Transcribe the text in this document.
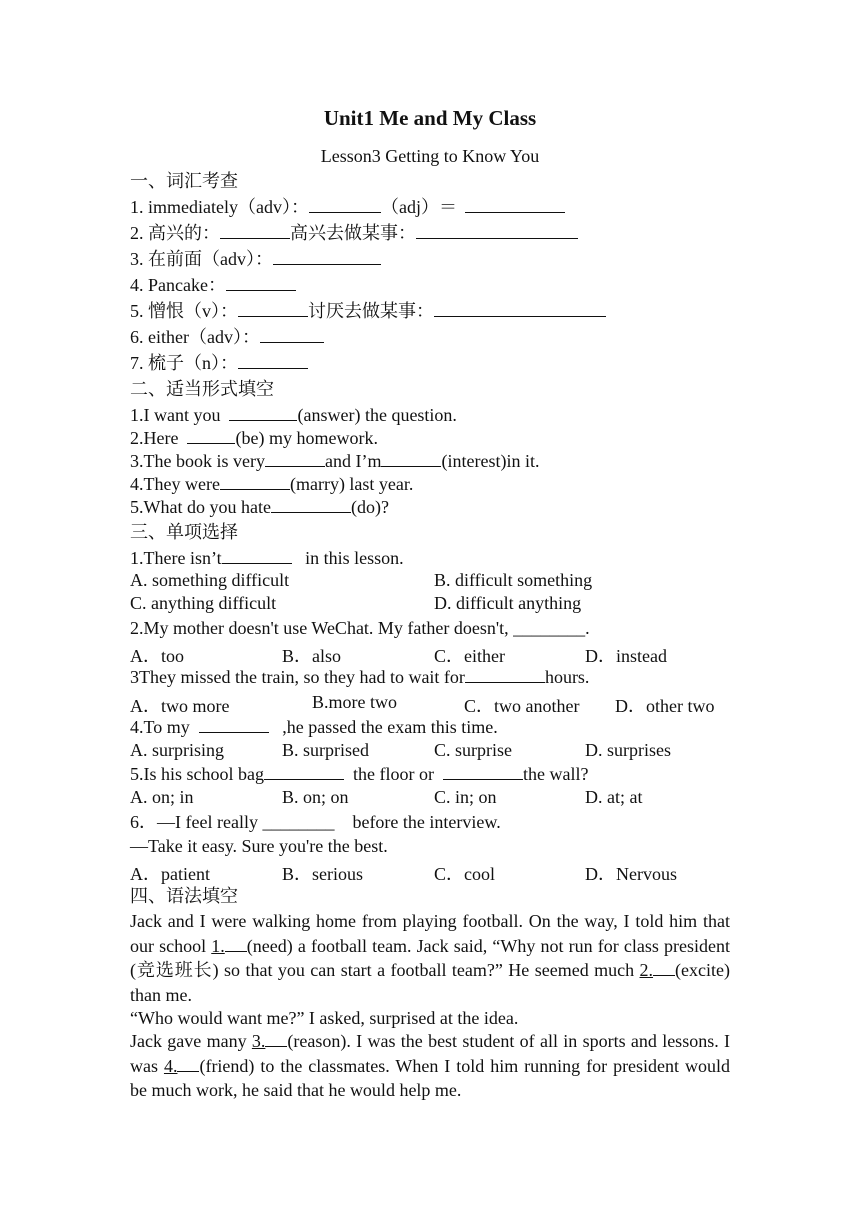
Unit1 Me and My Class
Lesson3 Getting to Know You
一、词汇考查
1. immediately（adv）：	（adj）＝
2. 高兴的：	高兴去做某事：
3. 在前面（adv）：
4. Pancake：
5. 憎恨（v）：	讨厌去做某事：
6. either（adv）：
7. 梳子（n）：
二、适当形式填空
1.I want you	(answer) the question.
2.Here	(be) my homework.
3.The book is very	and I’m	(interest)in it.
4.They were	(marry) last year.
5.What do you hate	(do)?
三、单项选择
1.There isn’t	in this lesson.
A. something difficult	B. difficult something
C. anything difficult	D. difficult anything
2.My mother doesn't use WeChat. My father doesn't, ________.
A．too	B．also	C．either	D．instead
3They missed the train, so they had to wait for	hours.
A．two more	B.more two	C．two another D．other two
4.To my	,he passed the exam this time.
A. surprising	B. surprised	C. surprise	D. surprises
5.Is his school bag	the floor or	the wall?
A. on; in	B. on; on	C. in; on	D. at; at
6．—I feel really ________ before the interview.
—Take it easy. Sure you're the best.
A．patient	B．serious	C．cool	D．Nervous
四、语法填空
Jack and I were walking home from playing football. On the way, I told him that our school 1. (need) a football team. Jack said, “Why not run for class president (竞选班长) so that you can start a football team?” He seemed much 2. (excite) than me.
“Who would want me?” I asked, surprised at the idea.
Jack gave many 3. (reason). I was the best student of all in sports and lessons. I was 4. (friend) to the classmates. When I told him running for president would be much work, he said that he would help me.
